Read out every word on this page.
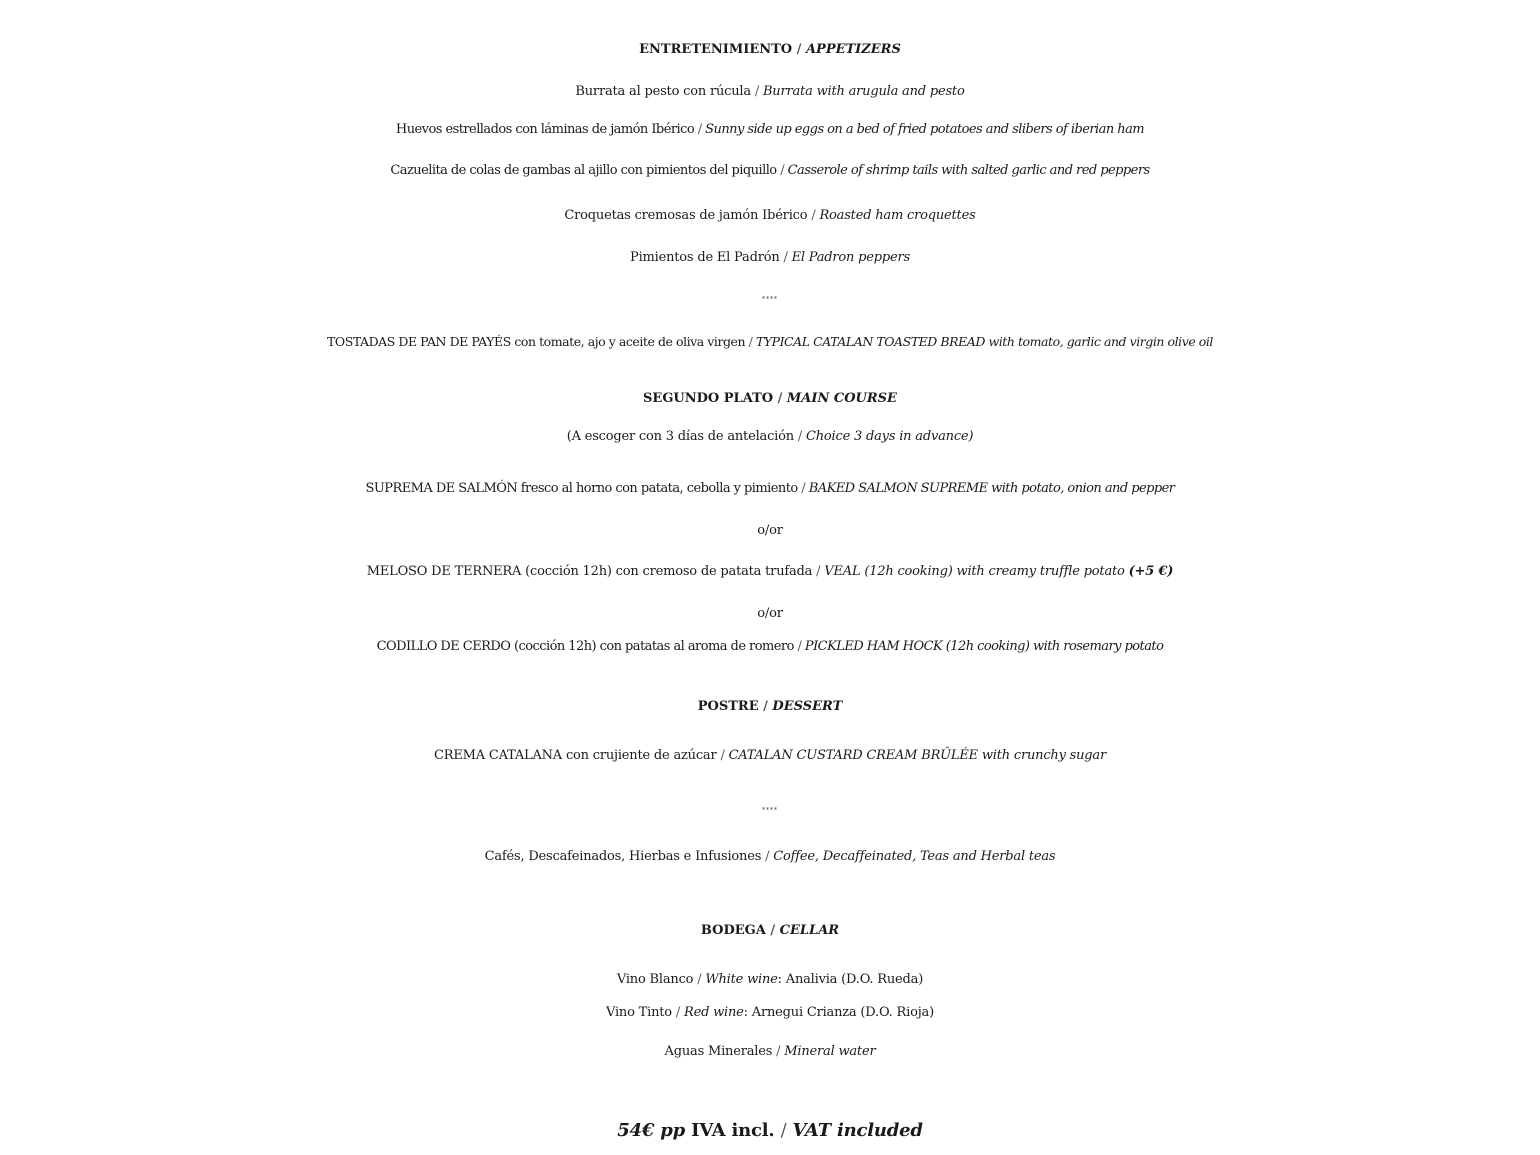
ENTRETENIMIENTO / APPETIZERS
Burrata al pesto con rúcula / Burrata with arugula and pesto
Huevos estrellados con láminas de jamón Ibérico / Sunny side up eggs on a bed of fried potatoes and slibers of iberian ham
Cazuelita de colas de gambas al ajillo con pimientos del piquillo / Casserole of shrimp tails with salted garlic and red peppers
Croquetas cremosas de jamón Ibérico / Roasted ham croquettes
Pimientos de El Padrón / El Padron peppers
****
TOSTADAS DE PAN DE PAYÉS con tomate, ajo y aceite de oliva virgen / TYPICAL CATALAN TOASTED BREAD with tomato, garlic and virgin olive oil
SEGUNDO PLATO / MAIN COURSE
(A escoger con 3 días de antelación / Choice 3 days in advance)
SUPREMA DE SALMÓN fresco al horno con patata, cebolla y pimiento / BAKED SALMON SUPREME with potato, onion and pepper
o/or
MELOSO DE TERNERA (cocción 12h) con cremoso de patata trufada / VEAL (12h cooking) with creamy truffle potato (+5 €)
o/or
CODILLO DE CERDO (cocción 12h) con patatas al aroma de romero / PICKLED HAM HOCK (12h cooking) with rosemary potato
POSTRE / DESSERT
CREMA CATALANA con crujiente de azúcar / CATALAN CUSTARD CREAM BRÛLÉE with crunchy sugar
****
Cafés, Descafeinados, Hierbas e Infusiones / Coffee, Decaffeinated, Teas and Herbal teas
BODEGA / CELLAR
Vino Blanco / White wine: Analivia (D.O. Rueda)
Vino Tinto / Red wine: Arnegui Crianza (D.O. Rioja)
Aguas Minerales / Mineral water
54€ pp IVA incl. / VAT included
